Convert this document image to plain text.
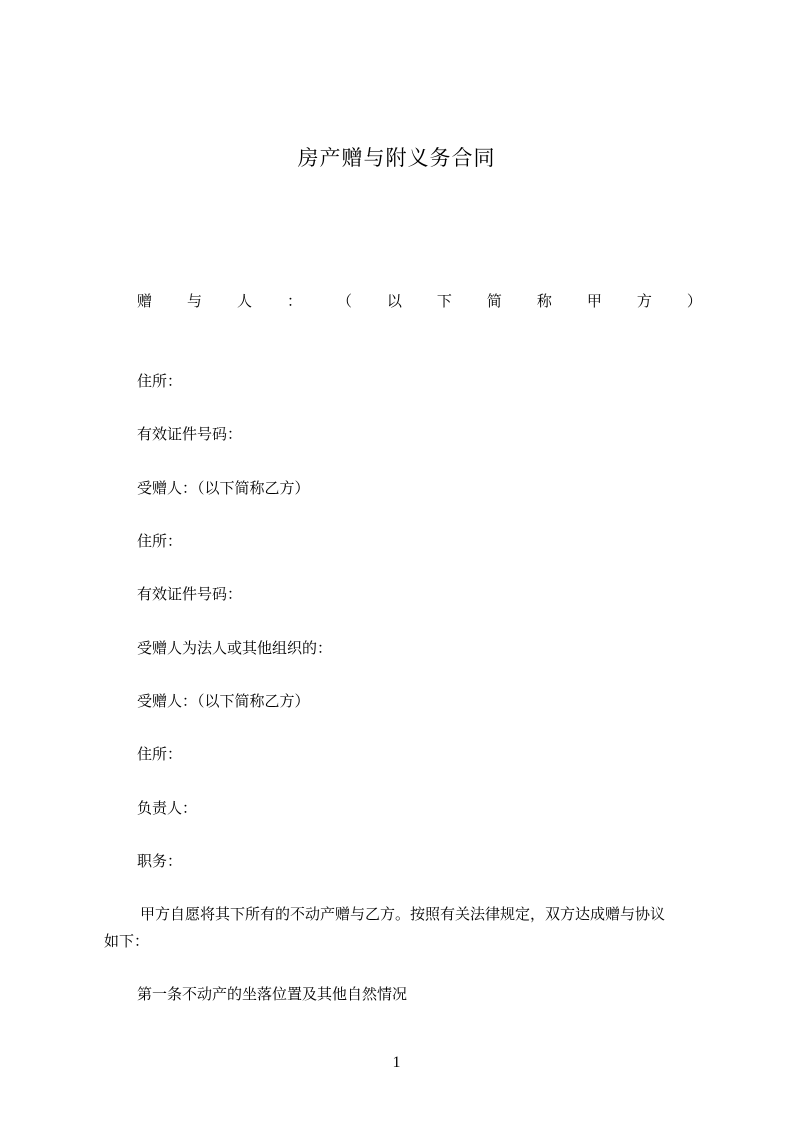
房产赠与附义务合同
赠 与 人 ： （ 以 下 简 称 甲 方 ）
住所：
有效证件号码：
受赠人：（以下简称乙方）
住所：
有效证件号码：
受赠人为法人或其他组织的：
受赠人：（以下简称乙方）
住所：
负责人：
职务：
甲方自愿将其下所有的不动产赠与乙方。按照有关法律规定，双方达成赠与协议
如下：
第一条不动产的坐落位置及其他自然情况
1
